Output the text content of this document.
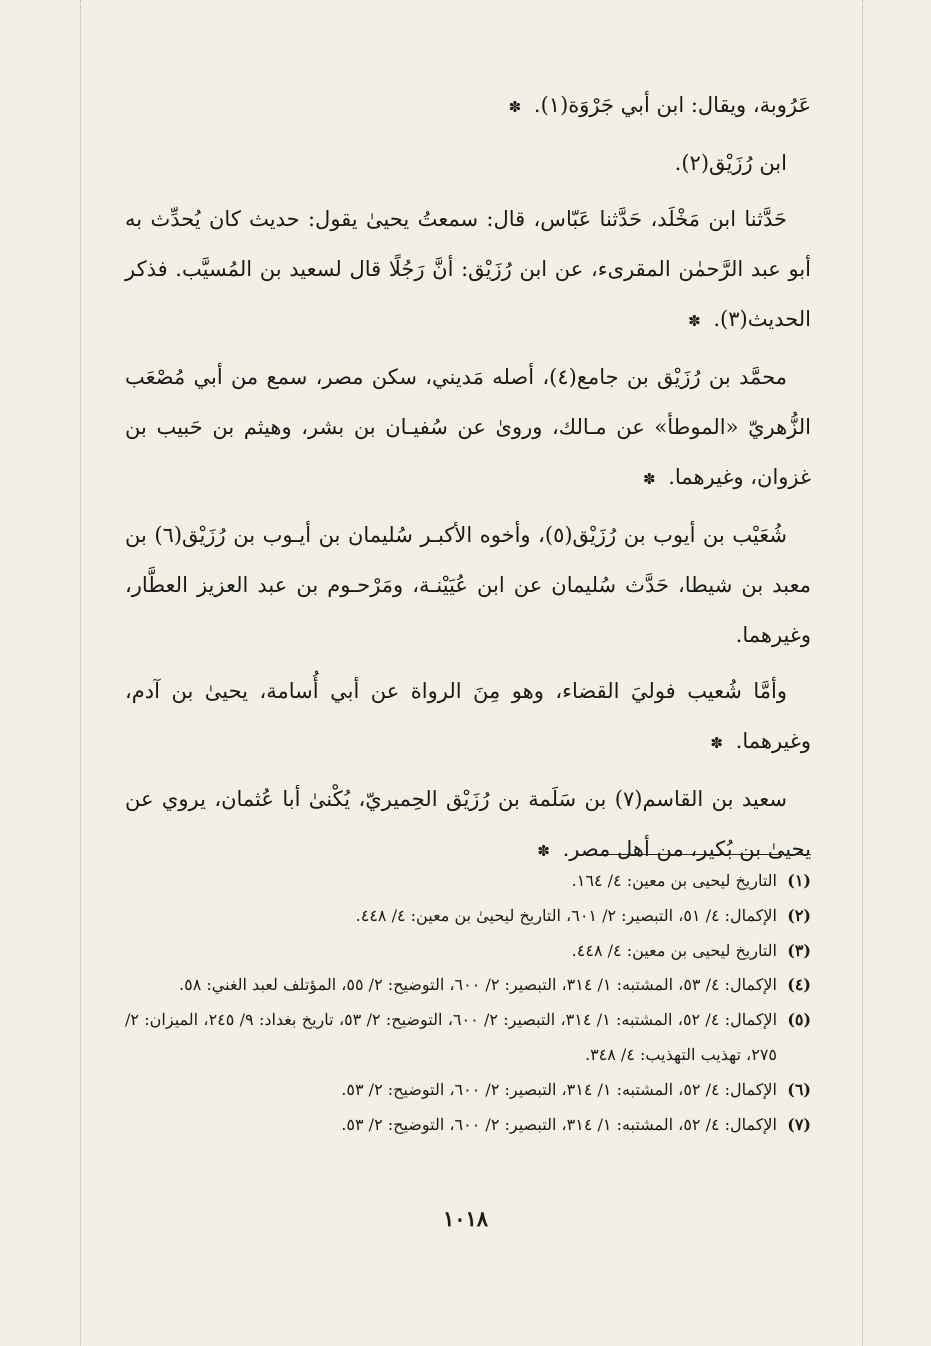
عَرُوبة، ويقال: ابن أبي جَرْوَة(١). ✽

ابن رُزَيْق(٢).

حَدَّثنا ابن مَخْلَد، حَدَّثنا عَبّاس، قال: سمعتُ يحيىٰ يقول: حديث كان يُحدِّث به أبو عبد الرَّحمٰن المقرىء، عن ابن رُزَيْق: أنَّ رَجُلًا قال لسعيد بن المُسيَّب. فذكر الحديث(٣). ✽

محمَّد بن رُزَيْق بن جامع(٤)، أصله مَديني، سكن مصر، سمع من أبي مُصْعَب الزُّهريّ «الموطأ» عن مـالك، وروىٰ عن سُفيـان بن بشر، وهيثم بن حَبيب بن غزوان، وغيرهما. ✽

شُعَيْب بن أيوب بن رُزَيْق(٥)، وأخوه الأكبـر سُليمان بن أيـوب بن رُزَيْق(٦) بن معبد بن شيطا، حَدَّث سُليمان عن ابن عُيَيْنـة، ومَرْحـوم بن عبد العزيز العطَّار، وغيرهما.

وأمَّا شُعيب فوليَ القضاء، وهو مِنَ الرواة عن أبي أُسامة، يحيىٰ بن آدم، وغيرهما. ✽

سعيد بن القاسم(٧) بن سَلَمة بن رُزَيْق الحِميريّ، يُكْنىٰ أبا عُثمان، يروي عن يحيىٰ بن بُكير، من أهل مصر. ✽

(١)التاريخ ليحيى بن معين: ٤/ ١٦٤.

(٢)الإكمال: ٤/ ٥١، التبصير: ٢/ ٦٠١، التاريخ ليحيىٰ بن معين: ٤/ ٤٤٨.

(٣)التاريخ ليحيى بن معين: ٤/ ٤٤٨.

(٤)الإكمال: ٤/ ٥٣، المشتبه: ١/ ٣١٤، التبصير: ٢/ ٦٠٠، التوضيح: ٢/ ٥٥، المؤتلف لعبد الغني: ٥٨.

(٥)الإكمال: ٤/ ٥٢، المشتبه: ١/ ٣١٤، التبصير: ٢/ ٦٠٠، التوضيح: ٢/ ٥٣، تاريخ بغداد: ٩/ ٢٤٥، الميزان: ٢/ ٢٧٥، تهذيب التهذيب: ٤/ ٣٤٨.

(٦)الإكمال: ٤/ ٥٢، المشتبه: ١/ ٣١٤، التبصير: ٢/ ٦٠٠، التوضيح: ٢/ ٥٣.

(٧)الإكمال: ٤/ ٥٢، المشتبه: ١/ ٣١٤، التبصير: ٢/ ٦٠٠، التوضيح: ٢/ ٥٣.

١٠١٨
